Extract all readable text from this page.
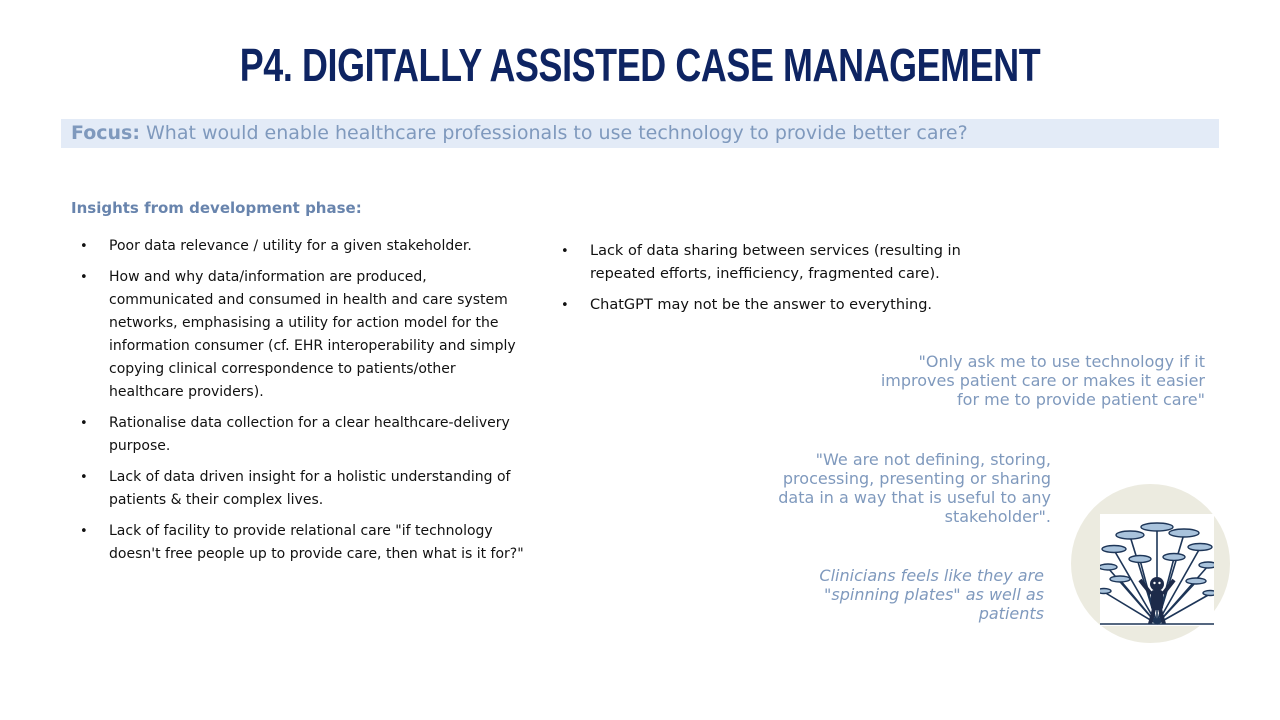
P4. DIGITALLY ASSISTED CASE MANAGEMENT
Focus: What would enable healthcare professionals to use technology to provide better care?
Insights from development phase:
• Poor data relevance / utility for a given stakeholder.
• How and why data/information are produced, communicated and consumed in health and care system networks, emphasising a utility for action model for the information consumer (cf. EHR interoperability and simply copying clinical correspondence to patients/other healthcare providers).
• Rationalise data collection for a clear healthcare-delivery purpose.
• Lack of data driven insight for a holistic understanding of patients & their complex lives.
• Lack of facility to provide relational care "if technology doesn't free people up to provide care, then what is it for?"
• Lack of data sharing between services (resulting in repeated efforts, inefficiency, fragmented care).
• ChatGPT may not be the answer to everything.
"Only ask me to use technology if it improves patient care or makes it easier for me to provide patient care"
"We are not defining, storing, processing, presenting or sharing data in a way that is useful to any stakeholder".
Clinicians feels like they are "spinning plates" as well as patients
